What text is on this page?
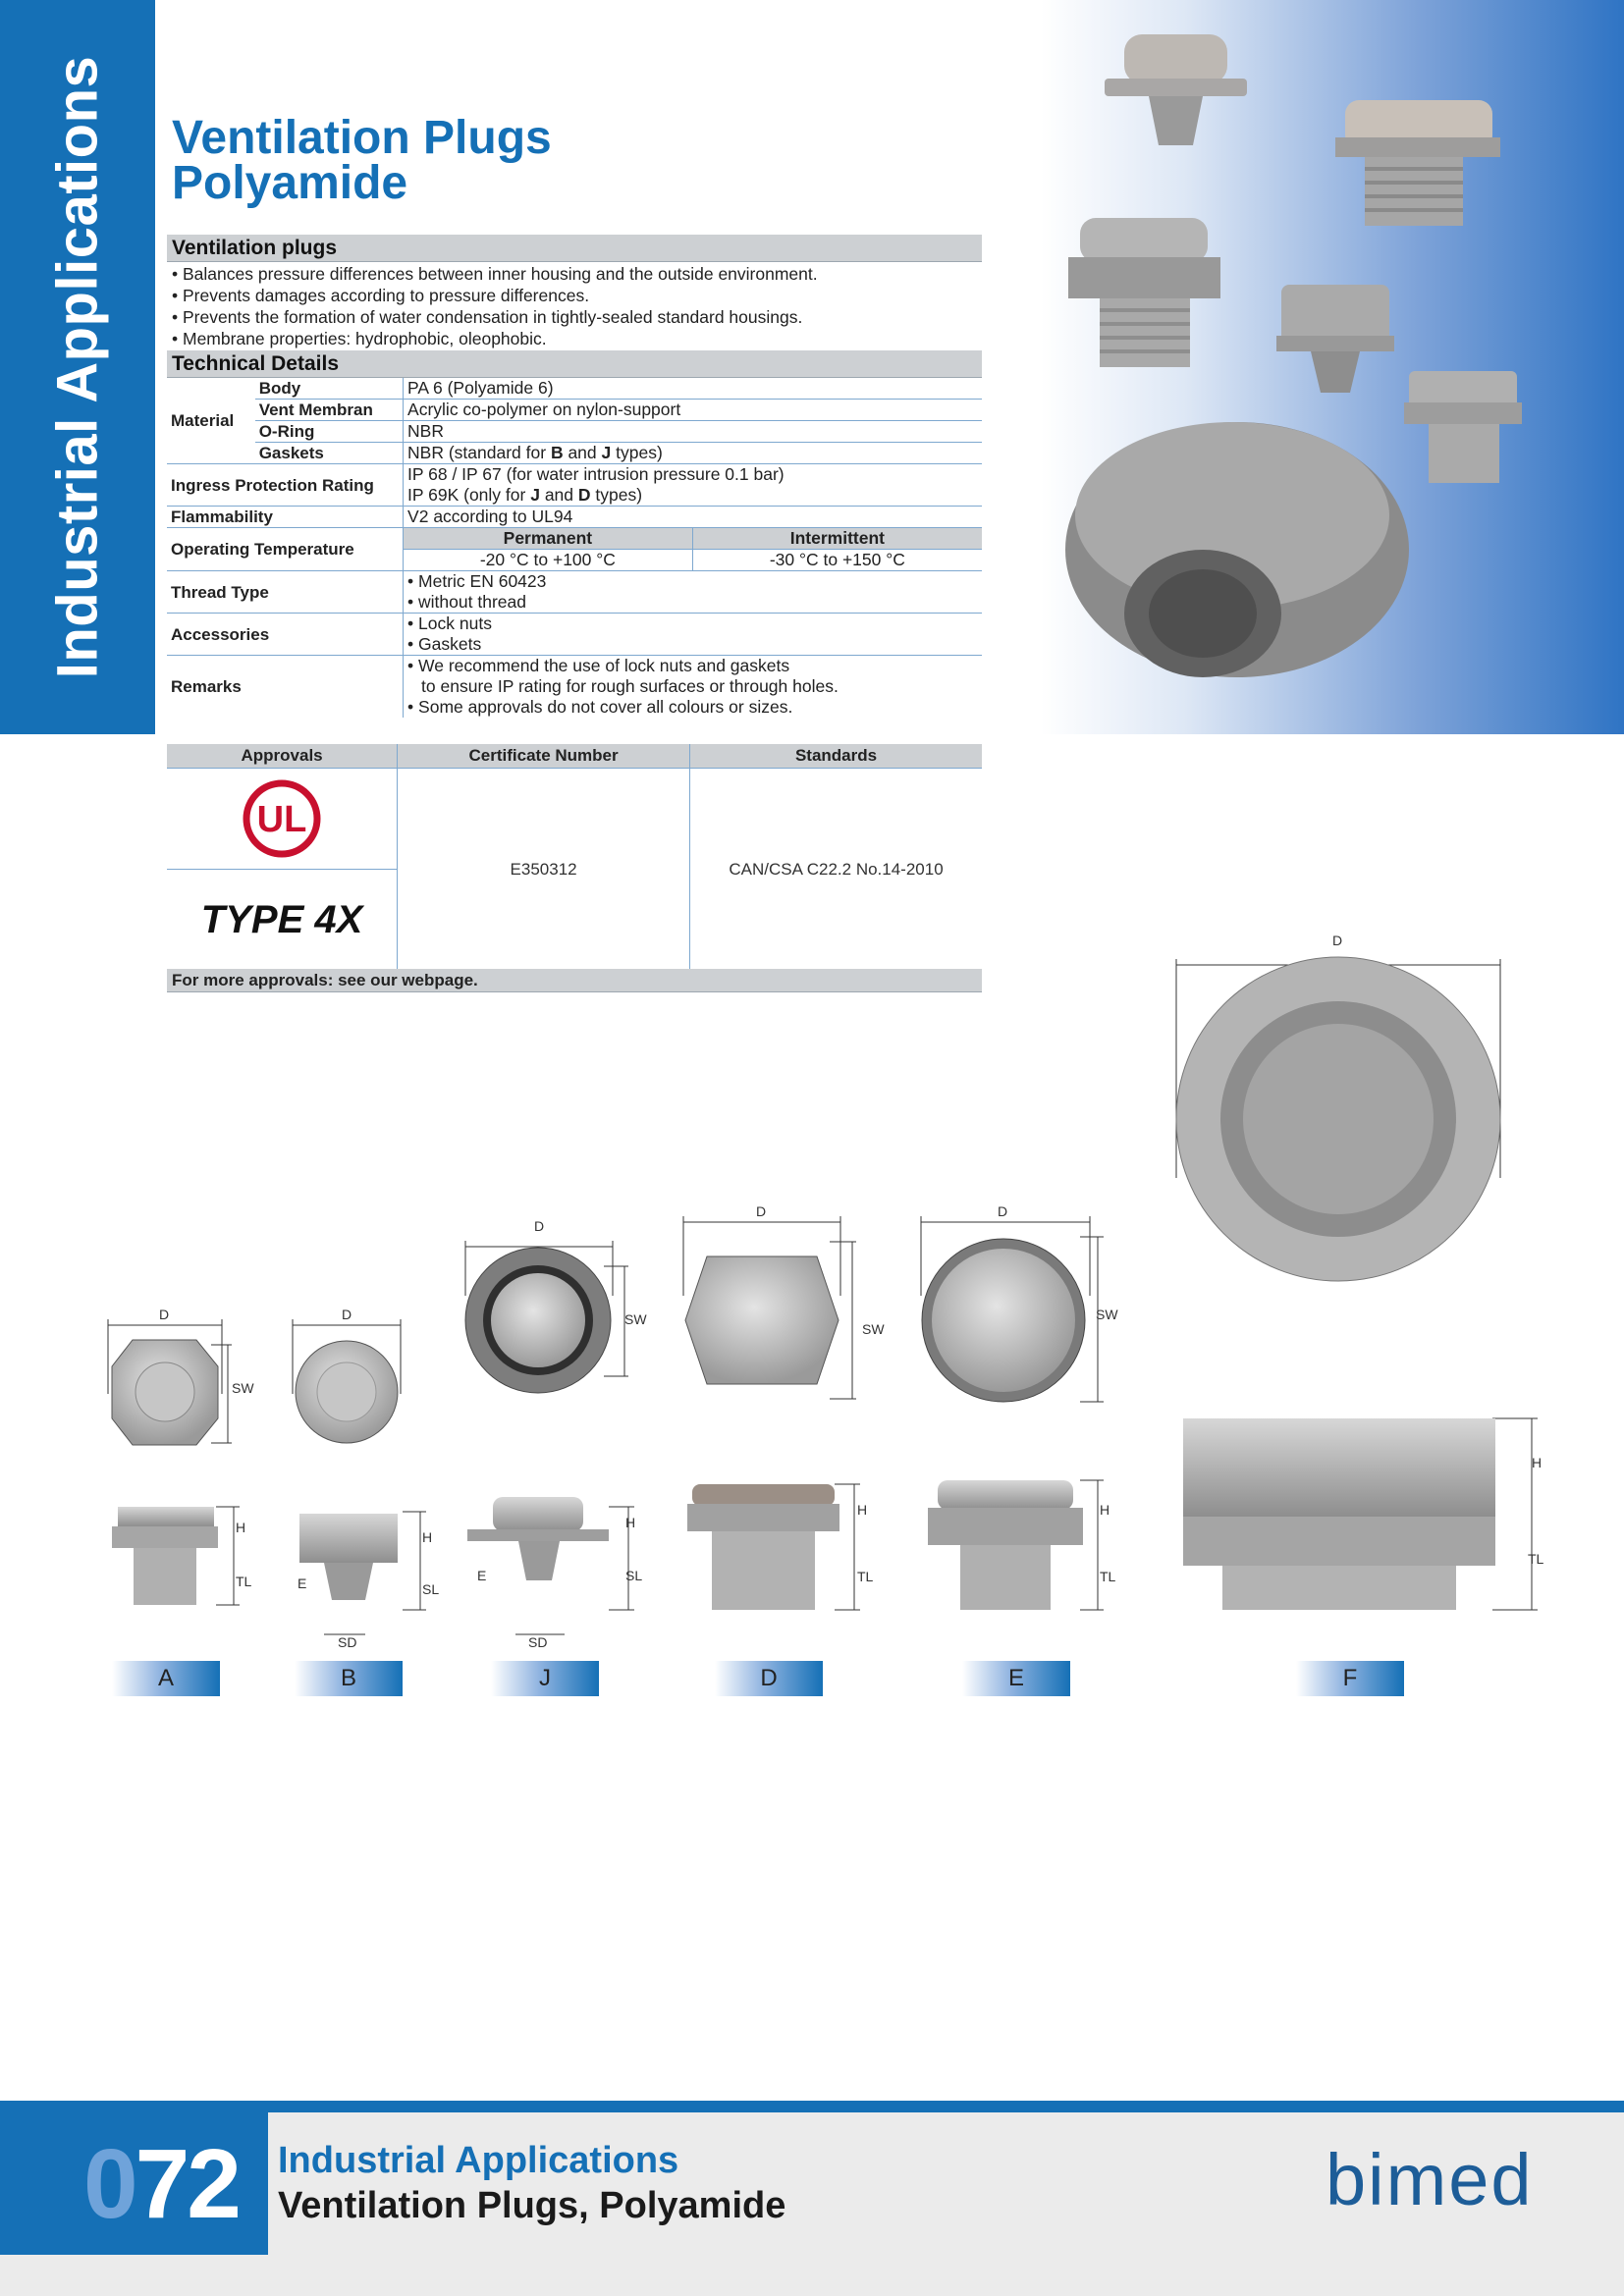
Industrial Applications Ventilation Plugs
Polyamide
Ventilation plugs
• Balances pressure differences between inner housing and the outside environment.
• Prevents damages according to pressure differences.
• Prevents the formation of water condensation in tightly-sealed standard housings.
• Membrane properties: hydrophobic, oleophobic.
Technical Details
Material	Body	PA 6 (Polyamide 6)	
	Vent Membran	Acrylic co-polymer on nylon-support	
	O-Ring	NBR	
	Gaskets	NBR (standard for B and J types)	
Ingress Protection Rating		IP 68 / IP 67 (for water intrusion pressure 0.1 bar)
IP 69K (only for J and D types)	

Flammability		V2 according to UL94	
Operating Temperature		Permanent	Intermittent
		-20 °C to +100 °C	-30 °C to +150 °C
Thread Type		• Metric EN 60423
• without thread	

Accessories		• Lock nuts
• Gaskets	

Remarks		• We recommend the use of lock nuts and gaskets
to ensure IP rating for rough surfaces or through holes.
• Some approvals do not cover all colours or sizes.	
Approvals	Certificate Number	Standards

UL
TYPE 4X	E350312	CAN/CSA C22.2 No.14-2010
For more approvals: see our webpage.
D
SW
D
D
SW
D
SW
D
SW
D
H
TL	E
H
SL
SD
E
H
SL
SD
H
TL
H
TL
H
TL
A	B	J	D	E	F
072 Industrial Applications
Ventilation Plugs, Polyamide	bimed
